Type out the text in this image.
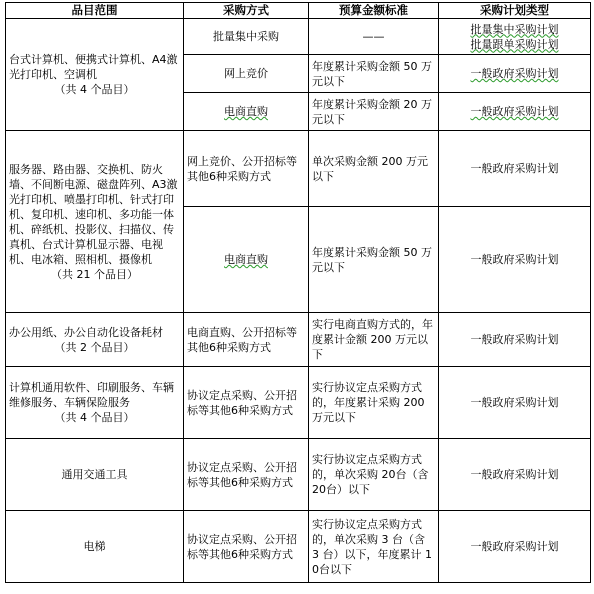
品目范围	采购方式	预算金额标准	采购计划类型

台式计算机、便携式计算机、A4激光打印机、空调机
（共 4 个品目）	批量集中采购	——	批量集中采购计划
批量跟单采购计划

	网上竞价	年度累计采购金额 50 万元以下	一般政府采购计划
	电商直购	年度累计采购金额 20 万元以下	一般政府采购计划

服务器、路由器、交换机、防火墙、不间断电源、磁盘阵列、A3激光打印机、喷墨打印机、针式打印机、复印机、速印机、多功能一体机、碎纸机、投影仪、扫描仪、传真机、台式计算机显示器、电视机、电冰箱、照相机、摄像机
（共 21 个品目）	网上竞价、公开招标等其他6种采购方式	单次采购金额 200 万元以下	一般政府采购计划
	电商直购	年度累计采购金额 50 万元以下	一般政府采购计划

办公用纸、办公自动化设备耗材
（共 2 个品目）	电商直购、公开招标等其他6种采购方式	实行电商直购方式的，年度累计金额 200 万元以下	一般政府采购计划

计算机通用软件、印刷服务、车辆维修服务、车辆保险服务
（共 4 个品目）	协议定点采购、公开招标等其他6种采购方式	实行协议定点采购方式的，年度累计采购 200 万元以下	一般政府采购计划
通用交通工具	协议定点采购、公开招标等其他6种采购方式	实行协议定点采购方式的，单次采购 20台（含 20台）以下	一般政府采购计划
电梯	协议定点采购、公开招标等其他6种采购方式	实行协议定点采购方式的，单次采购 3 台（含 3 台）以下，年度累计 10台以下	一般政府采购计划
